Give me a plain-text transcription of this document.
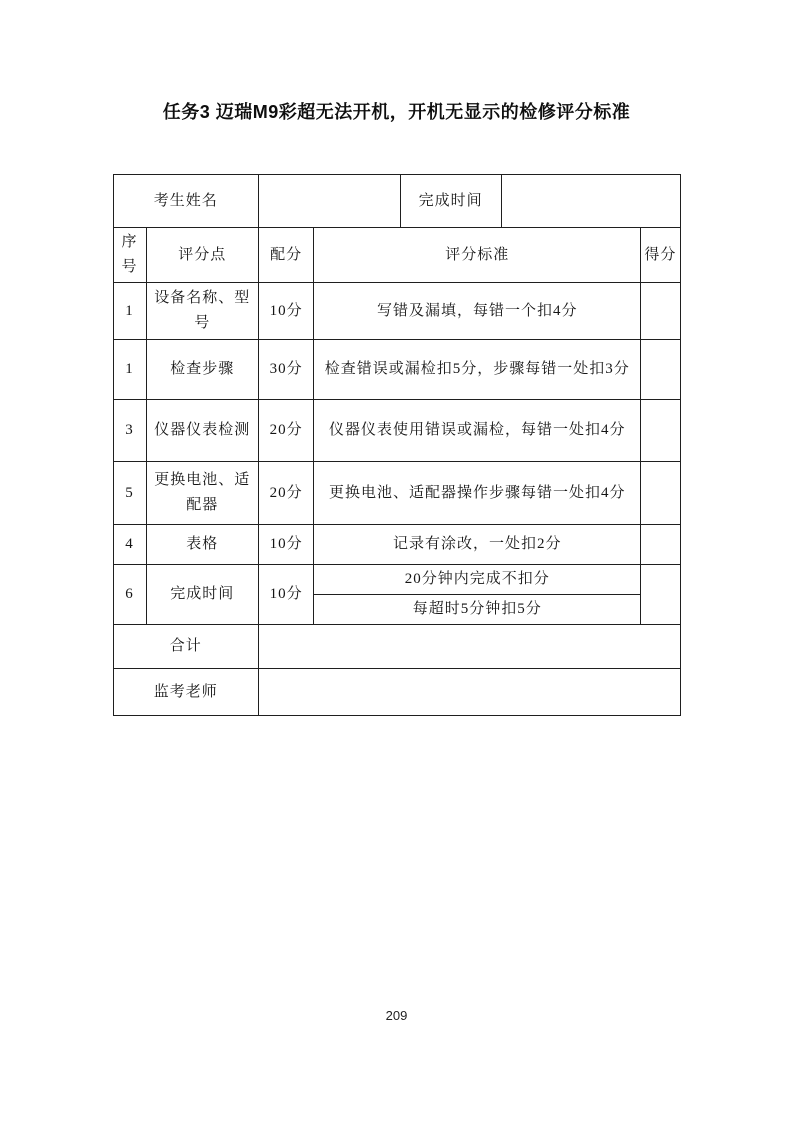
任务3 迈瑞M9彩超无法开机，开机无显示的检修评分标准
考生姓名				完成时间		
序号	评分点	配分	评分标准			得分
1	设备名称、型号	10分	写错及漏填，每错一个扣4分			
1	检查步骤	30分	检查错误或漏检扣5分，步骤每错一处扣3分			
3	仪器仪表检测	20分	仪器仪表使用错误或漏检，每错一处扣4分			
5	更换电池、适配器	20分	更换电池、适配器操作步骤每错一处扣4分			
4	表格	10分	记录有涂改，一处扣2分			
6	完成时间	10分	20分钟内完成不扣分			
			每超时5分钟扣5分			
合计						
监考老师						
209
